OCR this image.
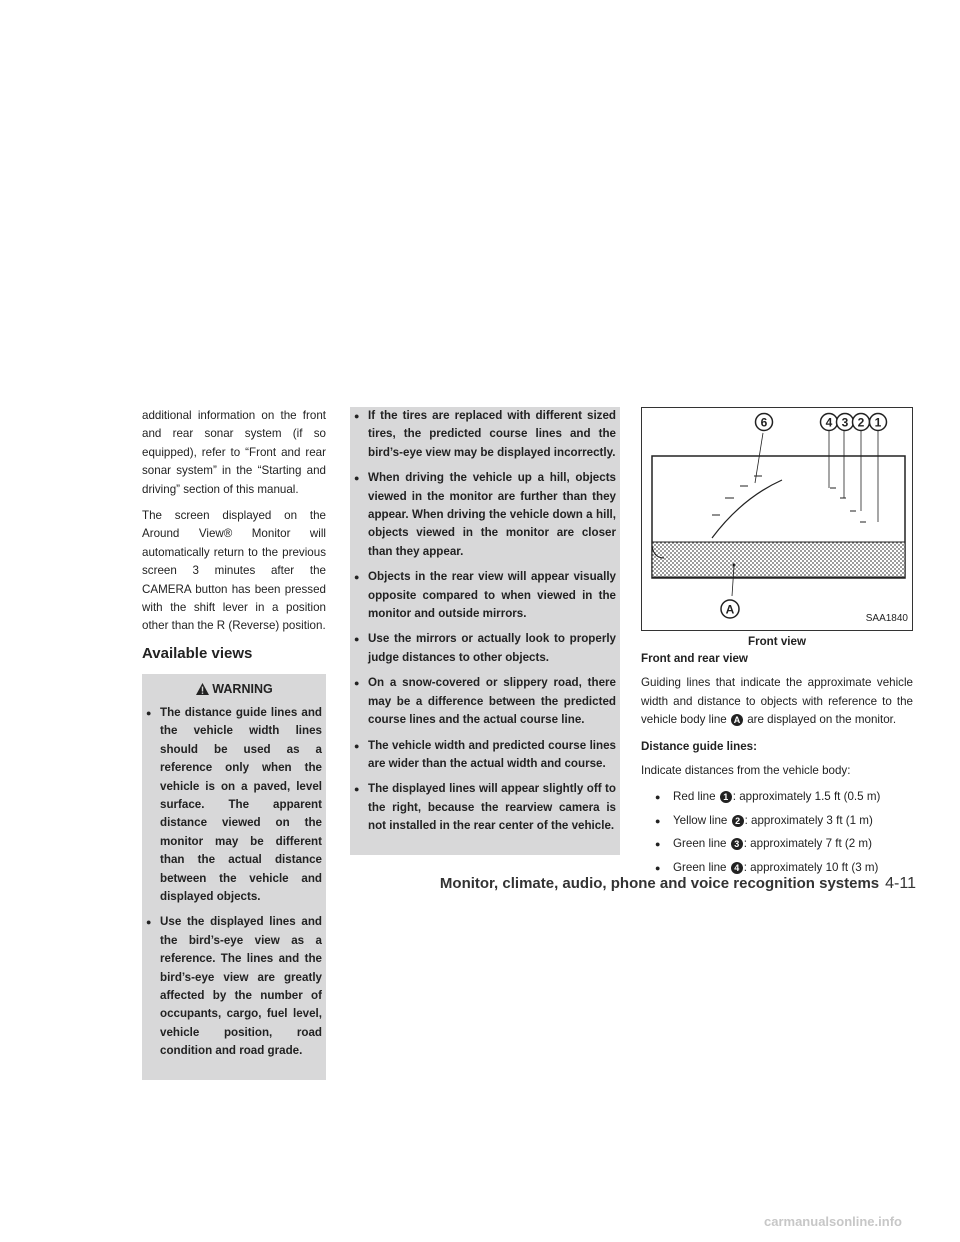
additional information on the front and rear sonar system (if so equipped), refer to “Front and rear sonar system” in the “Starting and driving” section of this manual.

The screen displayed on the Around View® Monitor will automatically return to the previous screen 3 minutes after the CAMERA button has been pressed with the shift lever in a position other than the R (Reverse) position.

Available views
WARNING
● The distance guide lines and the vehicle width lines should be used as a reference only when the vehicle is on a paved, level surface. The apparent distance viewed on the monitor may be different than the actual distance between the vehicle and displayed objects.
● Use the displayed lines and the bird’s-eye view as a reference. The lines and the bird’s-eye view are greatly affected by the number of occupants, cargo, fuel level, vehicle position, road condition and road grade.
● If the tires are replaced with different sized tires, the predicted course lines and the bird’s-eye view may be displayed incorrectly.
● When driving the vehicle up a hill, objects viewed in the monitor are further than they appear. When driving the vehicle down a hill, objects viewed in the monitor are closer than they appear.
● Objects in the rear view will appear visually opposite compared to when viewed in the monitor and outside mirrors.
● Use the mirrors or actually look to properly judge distances to other objects.
● On a snow-covered or slippery road, there may be a difference between the predicted course lines and the actual course line.
● The vehicle width and predicted course lines are wider than the actual width and course.
● The displayed lines will appear slightly off to the right, because the rearview camera is not installed in the rear center of the vehicle.
6	4 3 2 1
A
SAA1840
Front view

Front and rear view

Guiding lines that indicate the approximate vehicle width and distance to objects with reference to the vehicle body line A are displayed on the monitor.

Distance guide lines:

Indicate distances from the vehicle body:

● Red line 1 : approximately 1.5 ft (0.5 m)
● Yellow line 2 : approximately 3 ft (1 m)
● Green line 3 : approximately 7 ft (2 m)
● Green line 4 : approximately 10 ft (3 m)
Monitor, climate, audio, phone and voice recognition systems 4-11
carmanualsonline.info
